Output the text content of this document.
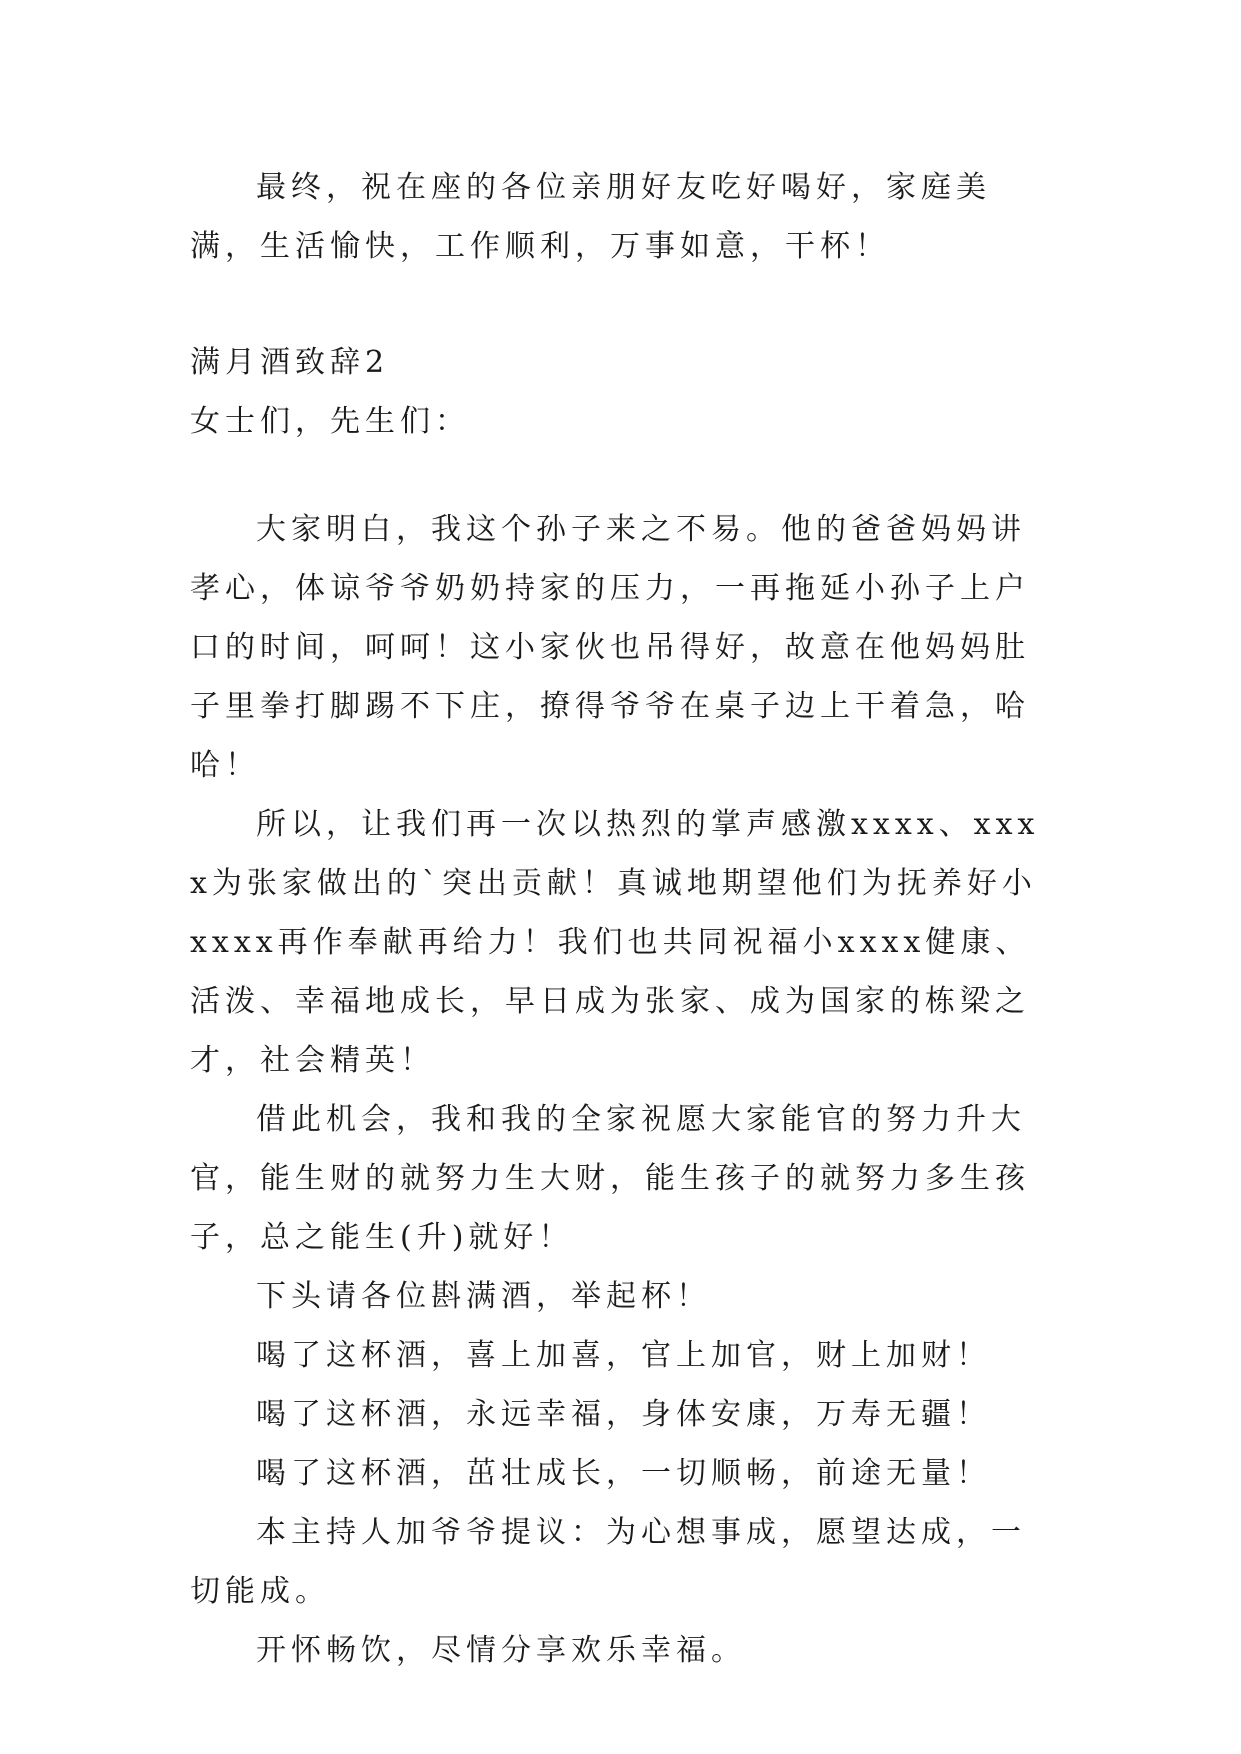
最终，祝在座的各位亲朋好友吃好喝好，家庭美满，生活愉快，工作顺利，万事如意，干杯！

满月酒致辞2

女士们，先生们：

大家明白，我这个孙子来之不易。他的爸爸妈妈讲孝心，体谅爷爷奶奶持家的压力，一再拖延小孙子上户口的时间，呵呵！这小家伙也吊得好，故意在他妈妈肚子里拳打脚踢不下庄，撩得爷爷在桌子边上干着急，哈哈！

所以，让我们再一次以热烈的掌声感激xxxx、xxxx为张家做出的`突出贡献！真诚地期望他们为抚养好小xxxx再作奉献再给力！我们也共同祝福小xxxx健康、活泼、幸福地成长，早日成为张家、成为国家的栋梁之才，社会精英！

借此机会，我和我的全家祝愿大家能官的努力升大官，能生财的就努力生大财，能生孩子的就努力多生孩子，总之能生(升)就好！

下头请各位斟满酒，举起杯！

喝了这杯酒，喜上加喜，官上加官，财上加财！

喝了这杯酒，永远幸福，身体安康，万寿无疆！

喝了这杯酒，茁壮成长，一切顺畅，前途无量！

本主持人加爷爷提议：为心想事成，愿望达成，一切能成。

开怀畅饮，尽情分享欢乐幸福。
